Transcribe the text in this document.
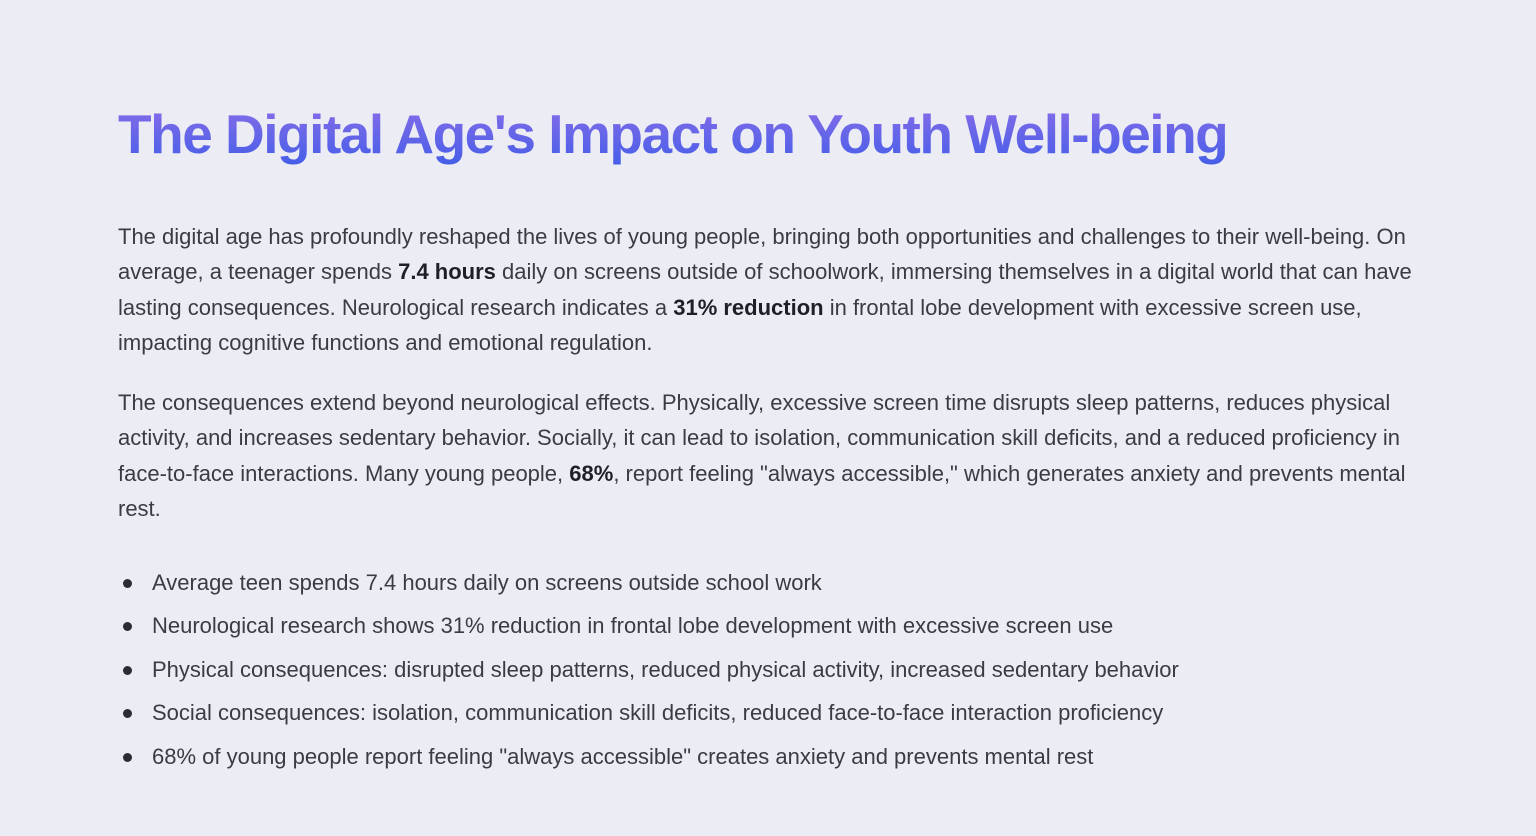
The Digital Age's Impact on Youth Well-being

The digital age has profoundly reshaped the lives of young people, bringing both opportunities and challenges to their well-being. On average, a teenager spends 7.4 hours daily on screens outside of schoolwork, immersing themselves in a digital world that can have lasting consequences. Neurological research indicates a 31% reduction in frontal lobe development with excessive screen use, impacting cognitive functions and emotional regulation.

The consequences extend beyond neurological effects. Physically, excessive screen time disrupts sleep patterns, reduces physical activity, and increases sedentary behavior. Socially, it can lead to isolation, communication skill deficits, and a reduced proficiency in face-to-face interactions. Many young people, 68%, report feeling "always accessible," which generates anxiety and prevents mental rest.

Average teen spends 7.4 hours daily on screens outside school work
Neurological research shows 31% reduction in frontal lobe development with excessive screen use
Physical consequences: disrupted sleep patterns, reduced physical activity, increased sedentary behavior
Social consequences: isolation, communication skill deficits, reduced face-to-face interaction proficiency
68% of young people report feeling "always accessible" creates anxiety and prevents mental rest
